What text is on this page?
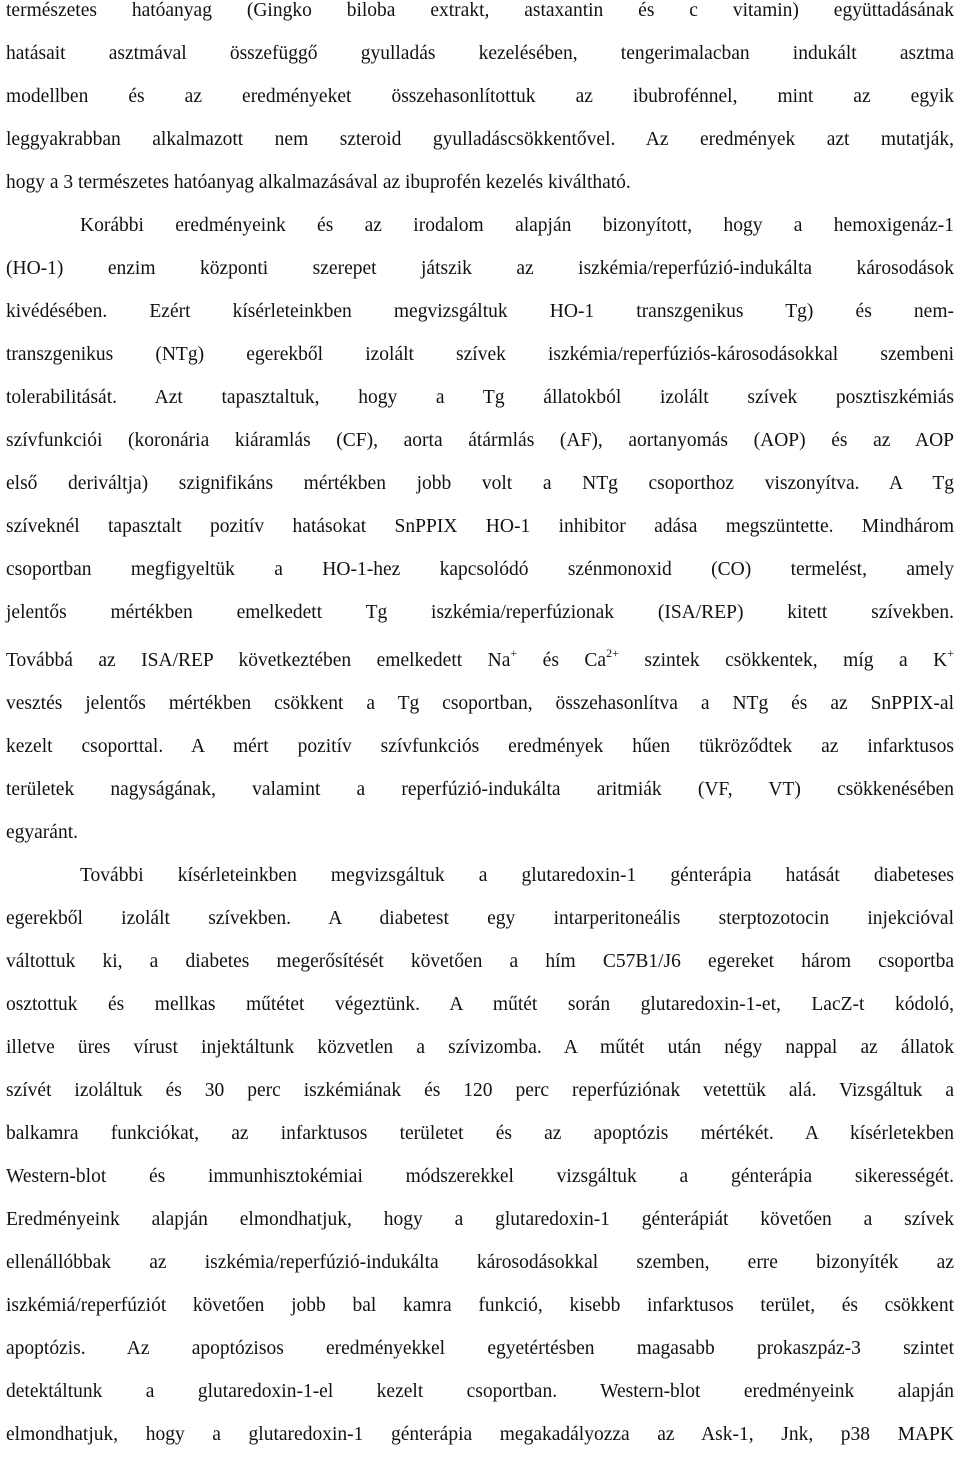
természetes hatóanyag (Gingko biloba extrakt, astaxantin és c vitamin) együttadásának
hatásait asztmával összefüggő gyulladás kezelésében, tengerimalacban indukált asztma
modellben és az eredményeket összehasonlítottuk az ibubrofénnel, mint az egyik
leggyakrabban alkalmazott nem szteroid gyulladáscsökkentővel. Az eredmények azt mutatják,
hogy a 3 természetes hatóanyag alkalmazásával az ibuprofén kezelés kiváltható.
Korábbi eredményeink és az irodalom alapján bizonyított, hogy a hemoxigenáz-1
(HO-1) enzim központi szerepet játszik az iszkémia/reperfúzió-indukálta károsodások
kivédésében. Ezért kísérleteinkben megvizsgáltuk HO-1 transzgenikus Tg) és nem-
transzgenikus (NTg) egerekből izolált szívek iszkémia/reperfúziós-károsodásokkal szembeni
tolerabilitását. Azt tapasztaltuk, hogy a Tg állatokból izolált szívek posztiszkémiás
szívfunkciói (koronária kiáramlás (CF), aorta átármlás (AF), aortanyomás (AOP) és az AOP
első deriváltja) szignifikáns mértékben jobb volt a NTg csoporthoz viszonyítva. A Tg
szíveknél tapasztalt pozitív hatásokat SnPPIX HO-1 inhibitor adása megszüntette. Mindhárom
csoportban megfigyeltük a HO-1-hez kapcsolódó szénmonoxid (CO) termelést, amely
jelentős mértékben emelkedett Tg iszkémia/reperfúzionak (ISA/REP) kitett szívekben.
Továbbá az ISA/REP következtében emelkedett Na+ és $Ca^{2+}$ szintek csökkentek, míg a K+
vesztés jelentős mértékben csökkent a Tg csoportban, összehasonlítva a NTg és az SnPPIX-al
kezelt csoporttal. A mért pozitív szívfunkciós eredmények hűen tükröződtek az infarktusos
területek nagyságának, valamint a reperfúzió-indukálta aritmiák (VF, VT) csökkenésében
egyaránt.
További kísérleteinkben megvizsgáltuk a glutaredoxin-1 génterápia hatását diabeteses
egerekből izolált szívekben. A diabetest egy intarperitoneális sterptozotocin injekcióval
váltottuk ki, a diabetes megerősítését követően a hím C57B1/J6 egereket három csoportba
osztottuk és mellkas műtétet végeztünk. A műtét során glutaredoxin-1-et, LacZ-t kódoló,
illetve üres vírust injektáltunk közvetlen a szívizomba. A műtét után négy nappal az állatok
szívét izoláltuk és 30 perc iszkémiának és 120 perc reperfúziónak vetettük alá. Vizsgáltuk a
balkamra funkciókat, az infarktusos területet és az apoptózis mértékét. A kísérletekben
Western-blot és immunhisztokémiai módszerekkel vizsgáltuk a génterápia sikerességét.
Eredményeink alapján elmondhatjuk, hogy a glutaredoxin-1 génterápiát követően a szívek
ellenállóbbak az iszkémia/reperfúzió-indukálta károsodásokkal szemben, erre bizonyíték az
iszkémiá/reperfúziót követően jobb bal kamra funkció, kisebb infarktusos terület, és csökkent
apoptózis. Az apoptózisos eredményekkel egyetértésben magasabb prokaszpáz-3 szintet
detektáltunk a glutaredoxin-1-el kezelt csoportban. Western-blot eredményeink alapján
elmondhatjuk, hogy a glutaredoxin-1 génterápia megakadályozza az Ask-1, Jnk, p38 MAPK
